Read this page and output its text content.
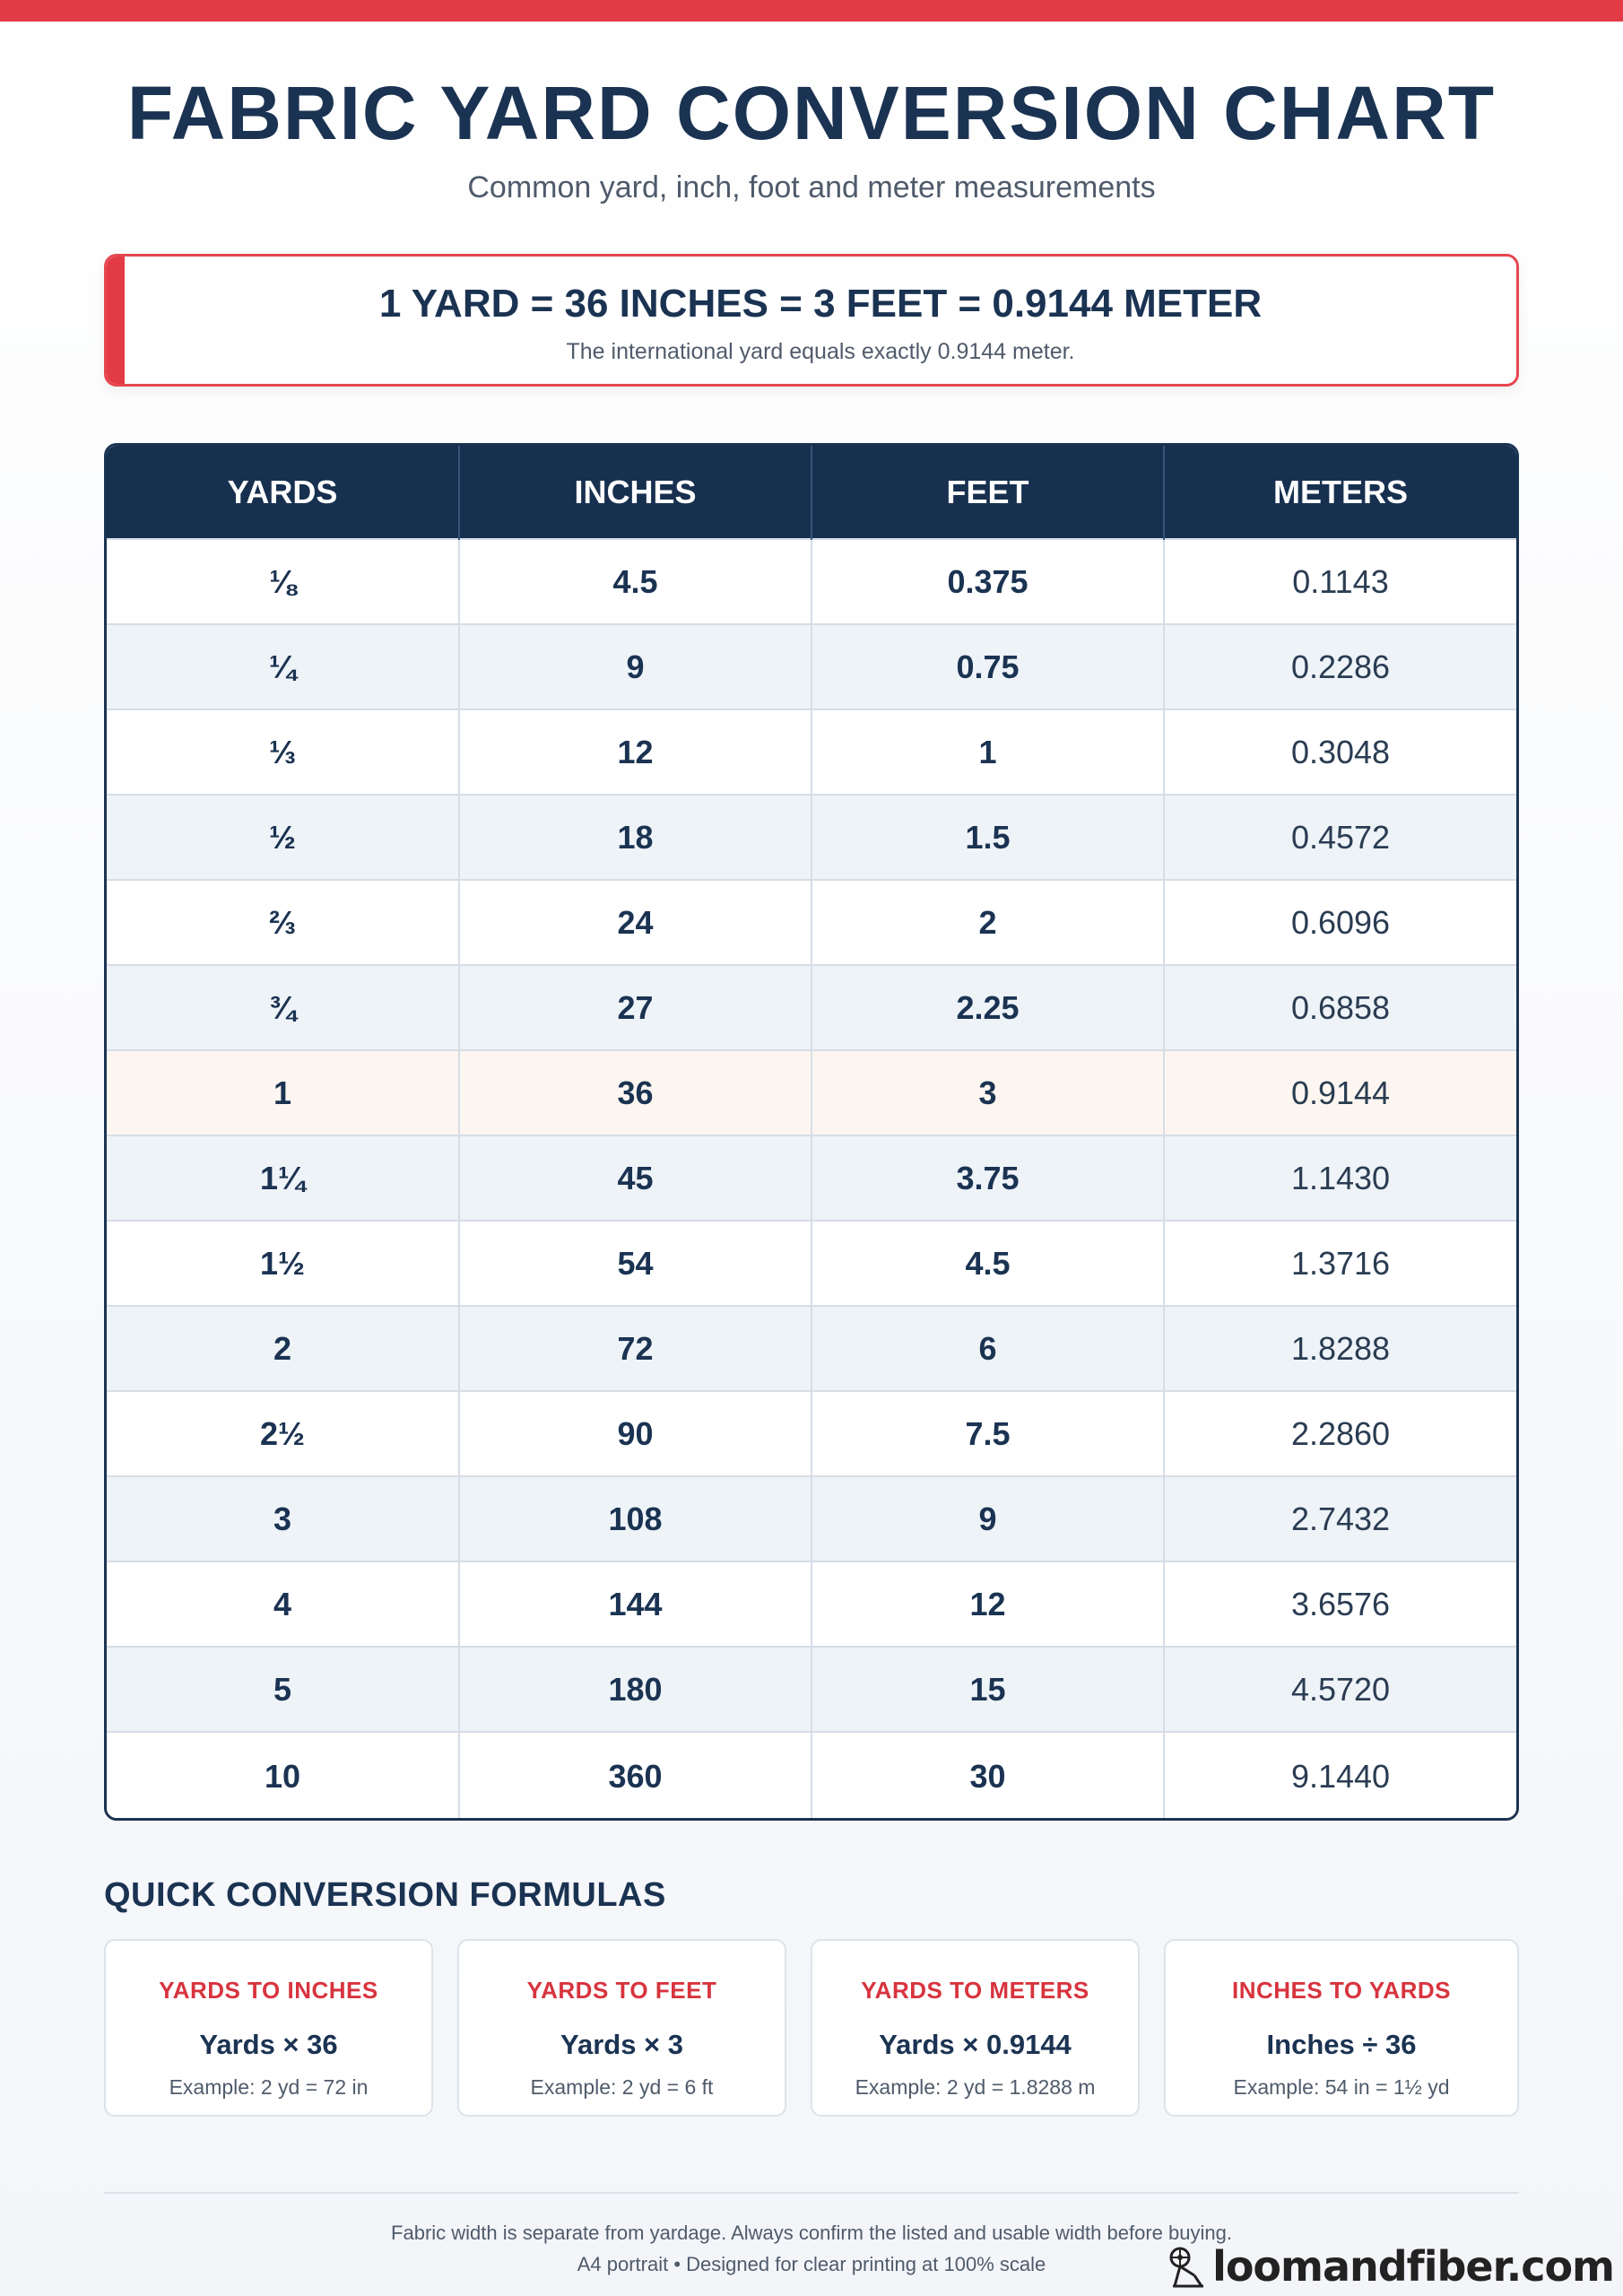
FABRIC YARD CONVERSION CHART
Common yard, inch, foot and meter measurements
1 YARD = 36 INCHES = 3 FEET = 0.9144 METER
The international yard equals exactly 0.9144 meter.
YARDS	INCHES	FEET	METERS
⅛	4.5	0.375	0.1143
¼	9	0.75	0.2286
⅓	12	1	0.3048
½	18	1.5	0.4572
⅔	24	2	0.6096
¾	27	2.25	0.6858
1	36	3	0.9144
1¼	45	3.75	1.1430
1½	54	4.5	1.3716
2	72	6	1.8288
2½	90	7.5	2.2860
3	108	9	2.7432
4	144	12	3.6576
5	180	15	4.5720
10	360	30	9.1440
QUICK CONVERSION FORMULAS
YARDS TO INCHES
Yards × 36
Example: 2 yd = 72 in
YARDS TO FEET
Yards × 3
Example: 2 yd = 6 ft
YARDS TO METERS
Yards × 0.9144
Example: 2 yd = 1.8288 m
INCHES TO YARDS
Inches ÷ 36
Example: 54 in = 1½ yd
Fabric width is separate from yardage. Always confirm the listed and usable width before buying.
A4 portrait • Designed for clear printing at 100% scale	loomandfiber.com
